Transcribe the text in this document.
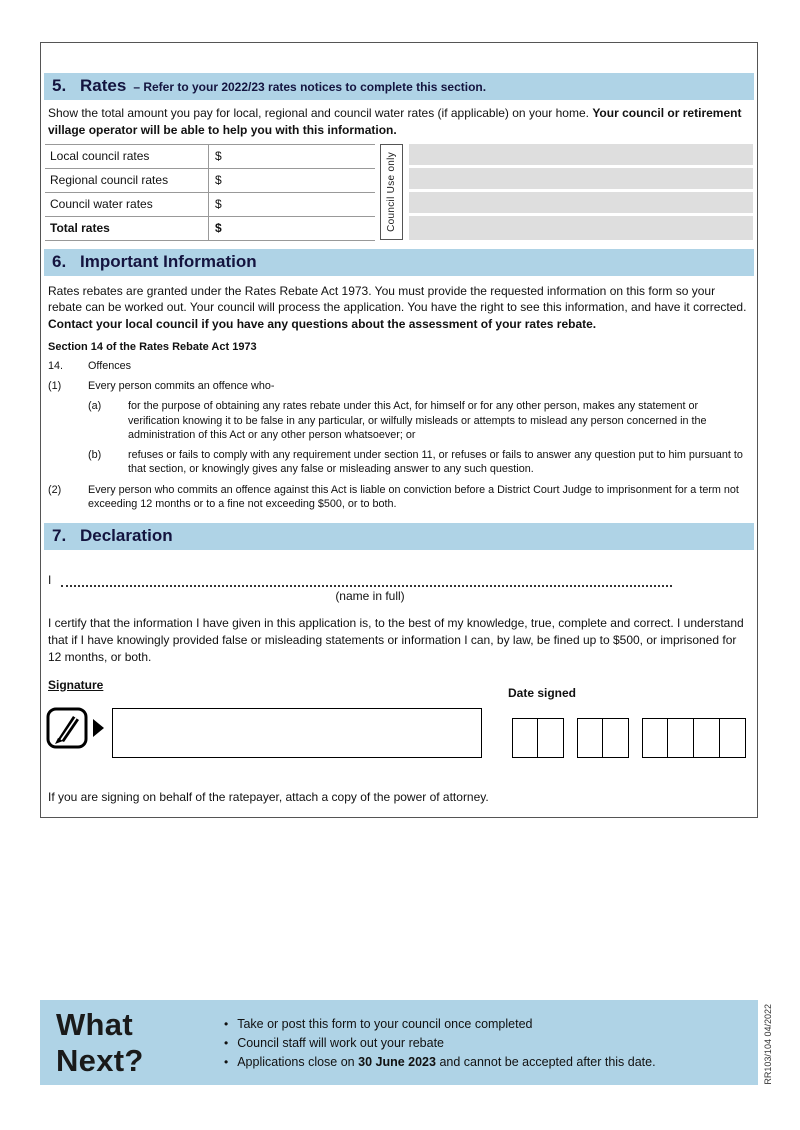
5. Rates – Refer to your 2022/23 rates notices to complete this section.

Show the total amount you pay for local, regional and council water rates (if applicable) on your home. Your council or retirement village operator will be able to help you with this information.

Local council rates	$
Regional council rates	$
Council water rates	$
Total rates	$	Council Use only
6. Important Information

Rates rebates are granted under the Rates Rebate Act 1973. You must provide the requested information on this form so your rebate can be worked out. Your council will process the application. You have the right to see this information, and have it corrected. Contact your local council if you have any questions about the assessment of your rates rebate.

Section 14 of the Rates Rebate Act 1973
14.	Offences
(1)	Every person commits an offence who-
(a)	for the purpose of obtaining any rates rebate under this Act, for himself or for any other person, makes any statement or verification knowing it to be false in any particular, or wilfully misleads or attempts to mislead any person concerned in the administration of this Act or any other person whatsoever; or
(b)	refuses or fails to comply with any requirement under section 11, or refuses or fails to answer any question put to him pursuant to that section, or knowingly gives any false or misleading answer to any such question.
(2)	Every person who commits an offence against this Act is liable on conviction before a District Court Judge to imprisonment for a term not exceeding 12 months or to a fine not exceeding $500, or to both.
7. Declaration
I
(name in full)

I certify that the information I have given in this application is, to the best of my knowledge, true, complete and correct. I understand that if I have knowingly provided false or misleading statements or information I can, by law, be fined up to $500, or imprisoned for 12 months, or both.

Signature
Date signed

If you are signing on behalf of the ratepayer, attach a copy of the power of attorney.

What Next?
• Take or post this form to your council once completed
• Council staff will work out your rebate
• Applications close on 30 June 2023 and cannot be accepted after this date.	RR103/104 04/2022
